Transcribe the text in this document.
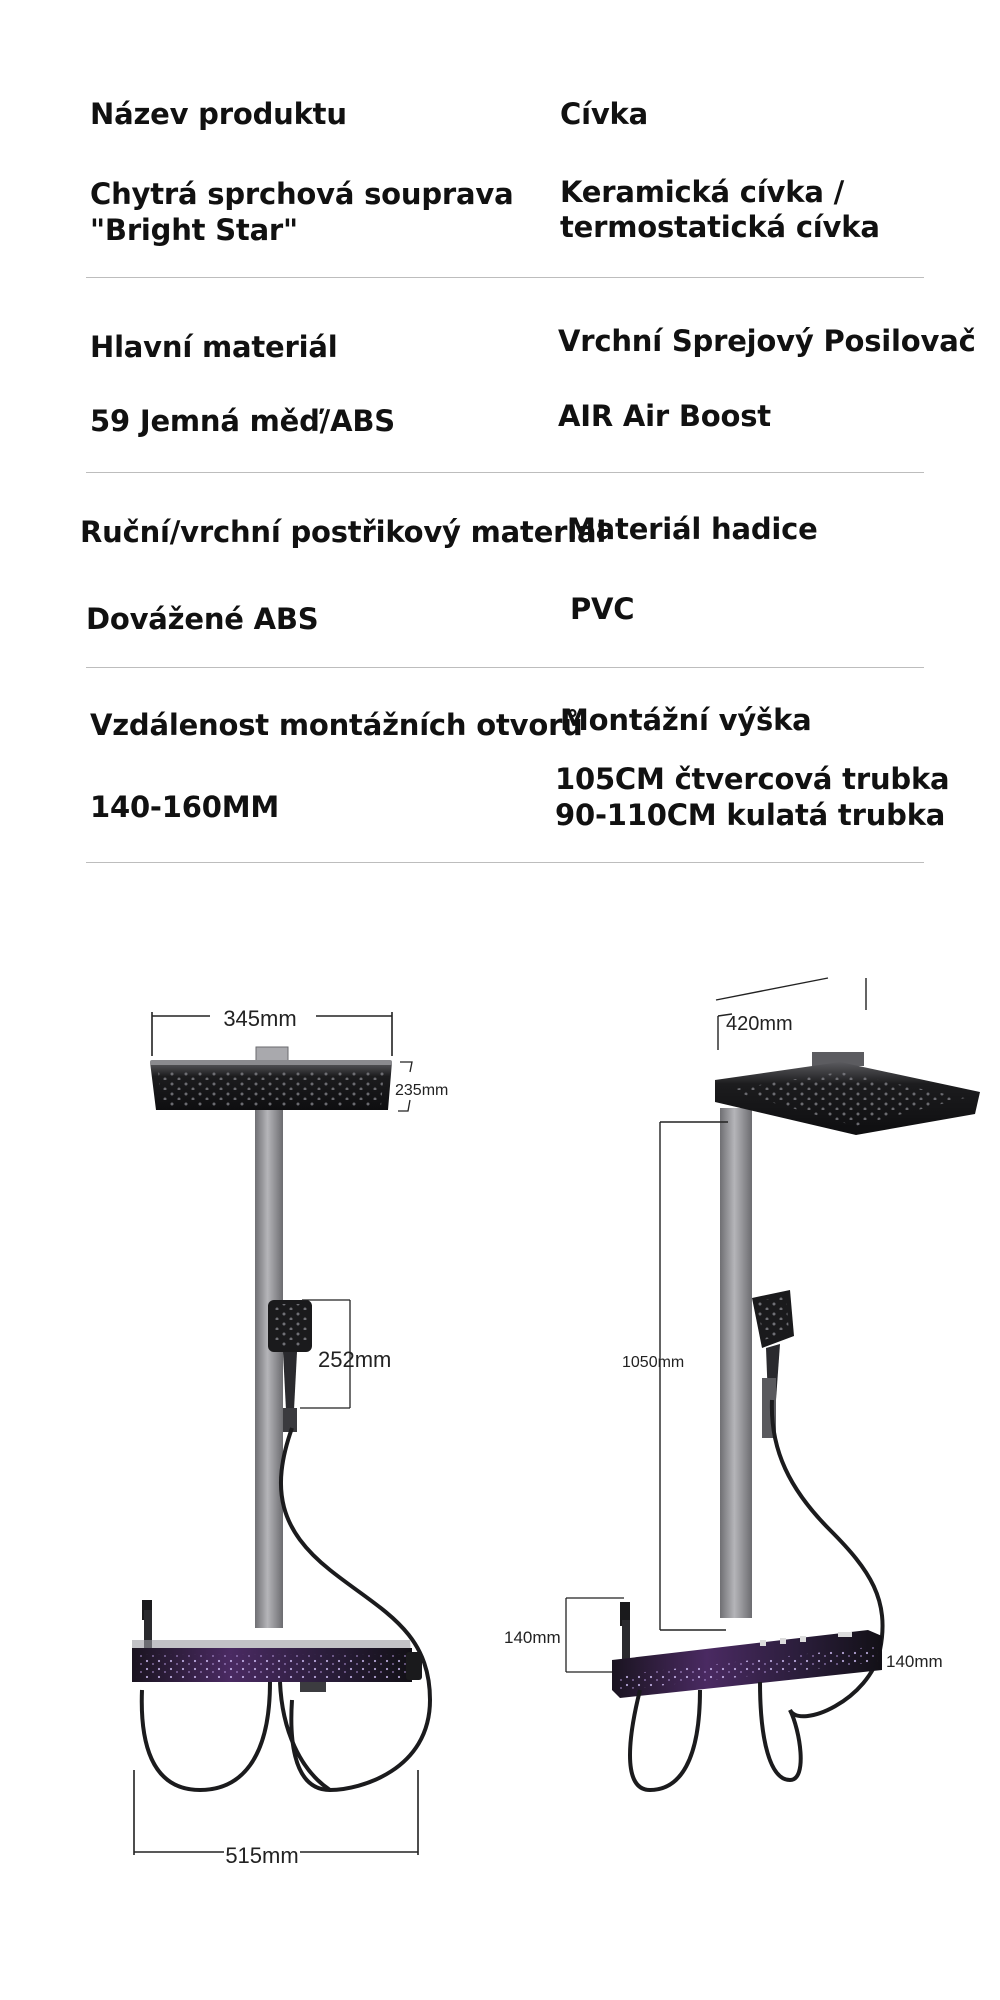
Název produktu
Chytrá sprchová souprava
"Bright Star"
Cívka
Keramická cívka /
termostatická cívka
Hlavní materiál
59 Jemná měď/ABS
Vrchní Sprejový Posilovač
AIR Air Boost
Ruční/vrchní postřikový materiál
Dovážené ABS
Materiál hadice
PVC
Vzdálenost montážních otvorů
140-160MM
Montážní výška
105CM čtvercová trubka
90-110CM kulatá trubka
345mm
235mm
252mm
515mm
420mm
1050mm
140mm
140mm
